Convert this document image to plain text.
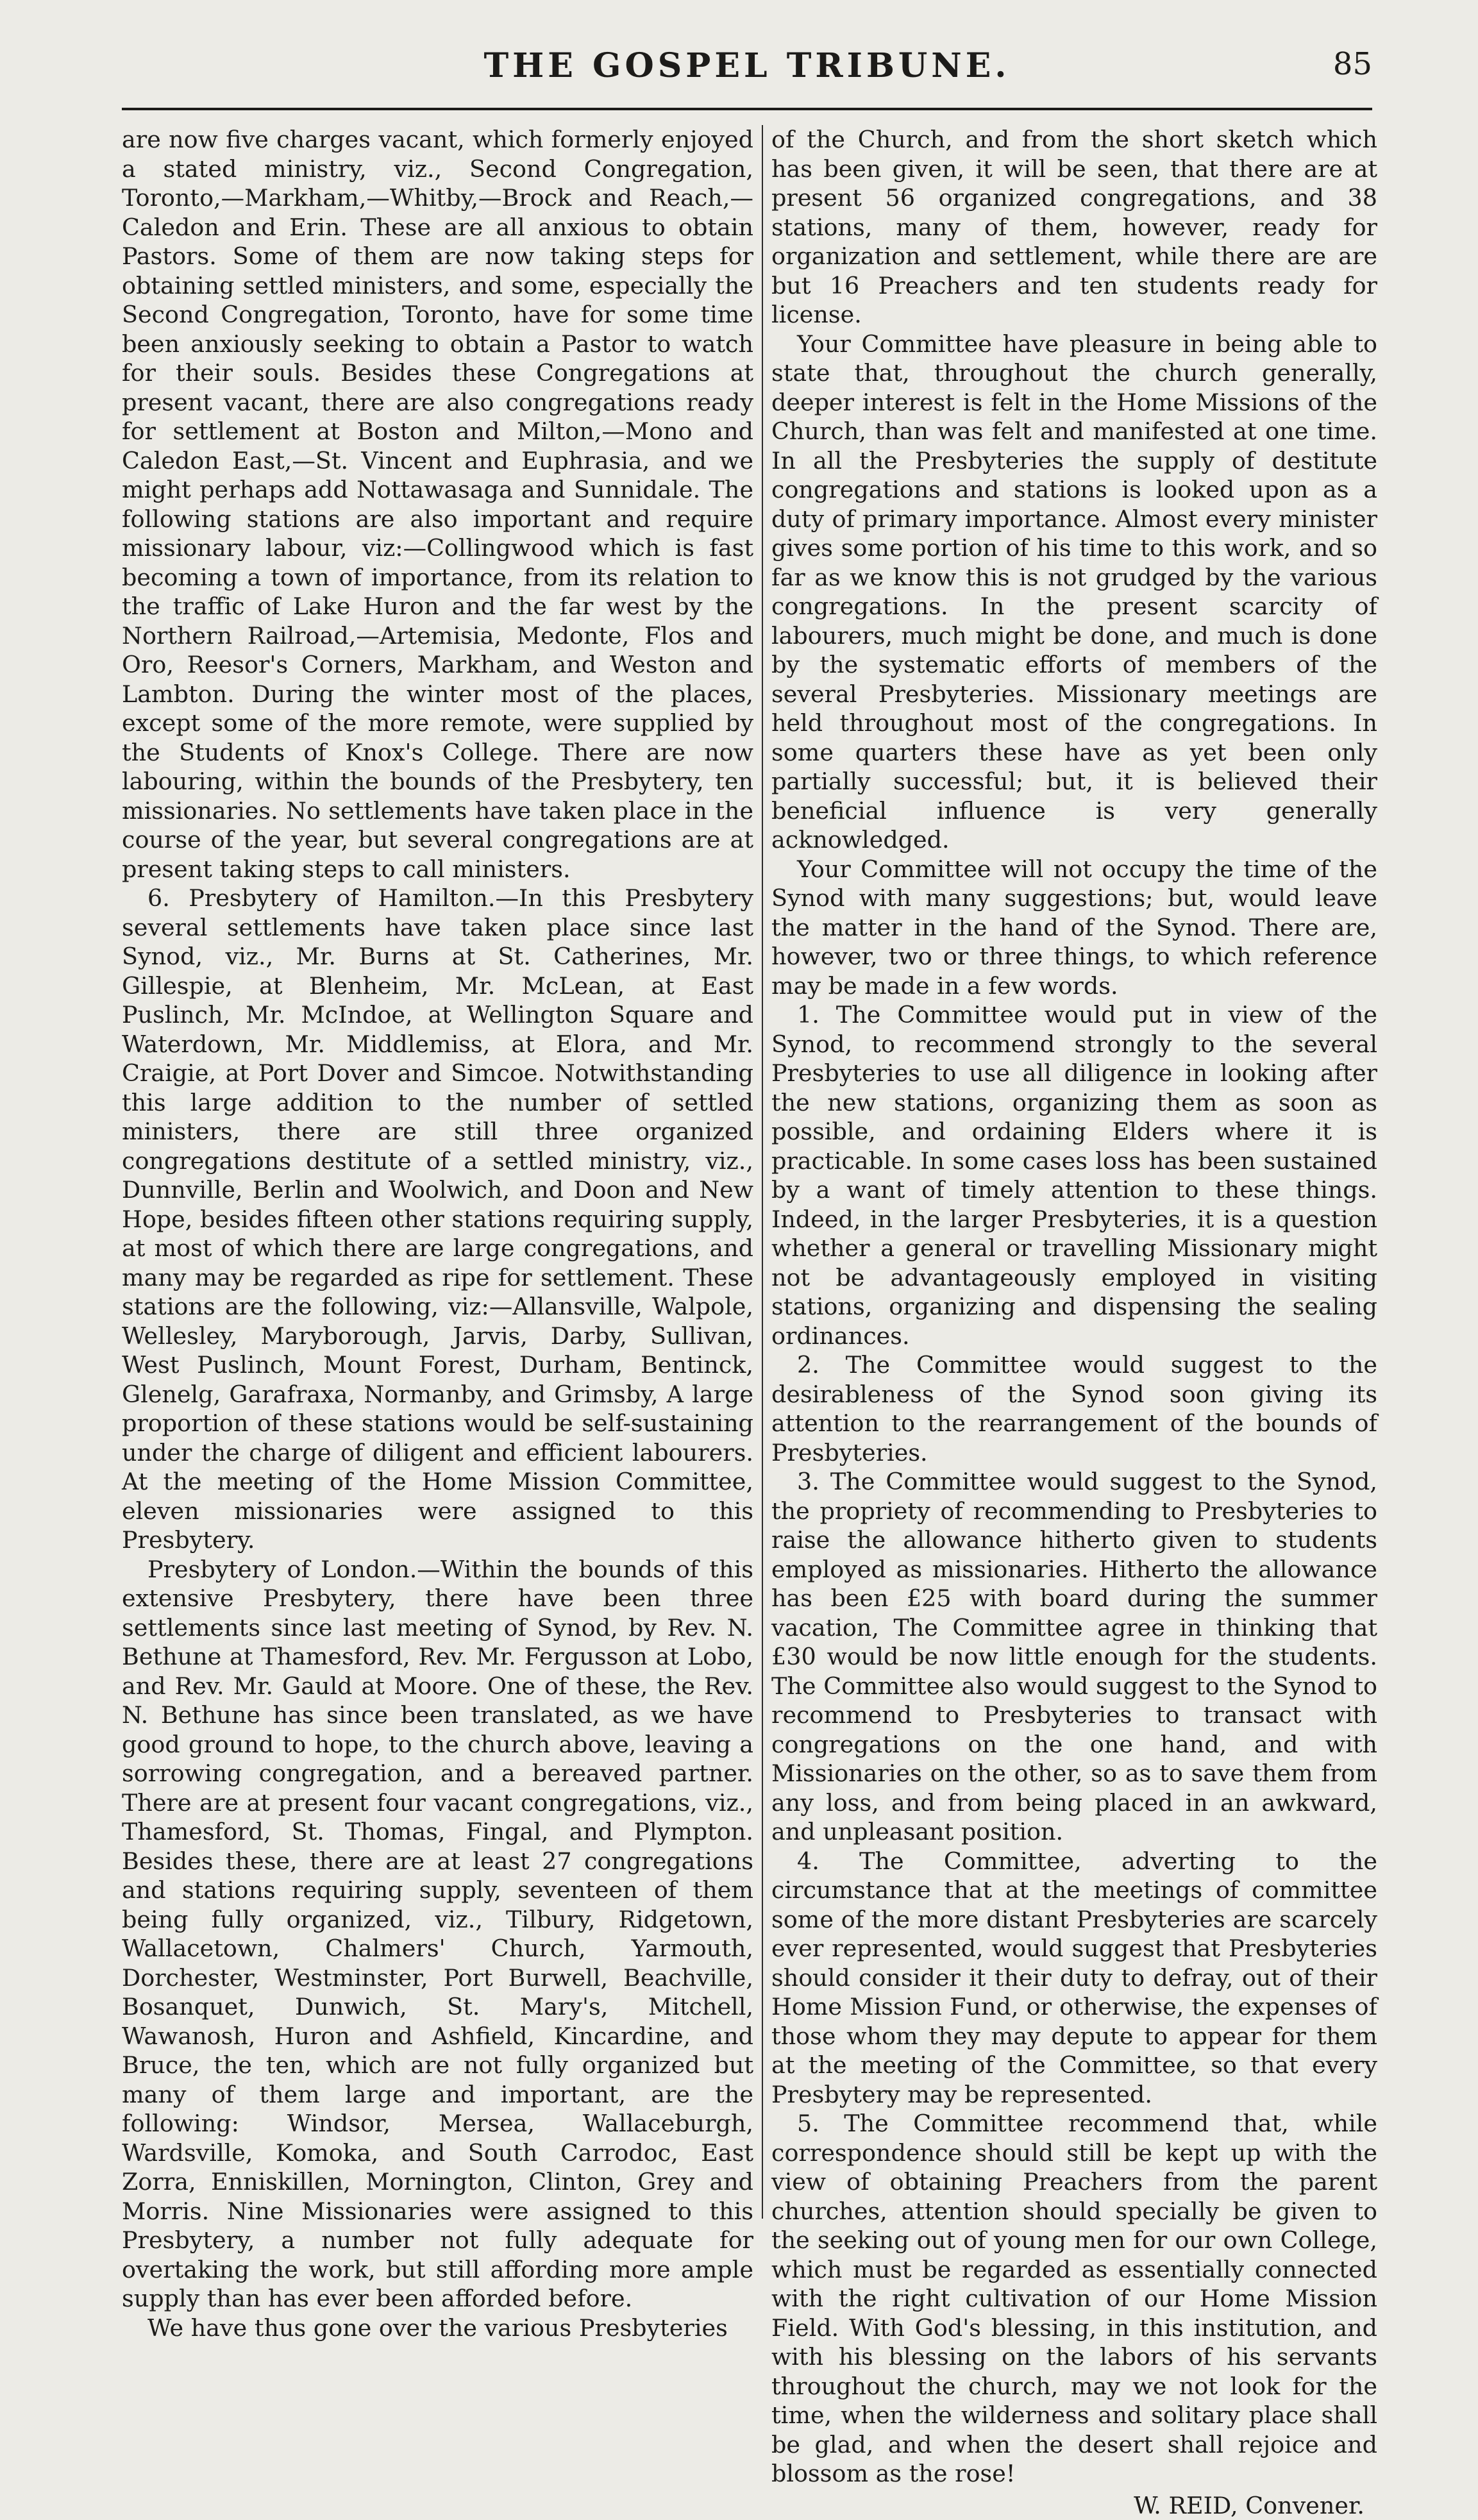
THE GOSPEL TRIBUNE.	85

are now five charges vacant, which formerly enjoyed a stated ministry, viz., Second Congregation, Toronto,—Markham,—Whitby,—Brock and Reach,—Caledon and Erin. These are all anxious to obtain Pastors. Some of them are now taking steps for obtaining settled ministers, and some, especially the Second Congregation, Toronto, have for some time been anxiously seeking to obtain a Pastor to watch for their souls. Besides these Congregations at present vacant, there are also congregations ready for settlement at Boston and Milton,—Mono and Caledon East,—St. Vincent and Euphrasia, and we might perhaps add Nottawasaga and Sunnidale. The following stations are also important and require missionary labour, viz:—Collingwood which is fast becoming a town of importance, from its relation to the traffic of Lake Huron and the far west by the Northern Railroad,—Artemisia, Medonte, Flos and Oro, Reesor's Corners, Markham, and Weston and Lambton. During the winter most of the places, except some of the more remote, were supplied by the Students of Knox's College. There are now labouring, within the bounds of the Presbytery, ten missionaries. No settlements have taken place in the course of the year, but several congregations are at present taking steps to call ministers.

6. Presbytery of Hamilton.—In this Presbytery several settlements have taken place since last Synod, viz., Mr. Burns at St. Catherines, Mr. Gillespie, at Blenheim, Mr. McLean, at East Puslinch, Mr. McIndoe, at Wellington Square and Waterdown, Mr. Middlemiss, at Elora, and Mr. Craigie, at Port Dover and Simcoe. Notwithstanding this large addition to the number of settled ministers, there are still three organized congregations destitute of a settled ministry, viz., Dunnville, Berlin and Woolwich, and Doon and New Hope, besides fifteen other stations requiring supply, at most of which there are large congregations, and many may be regarded as ripe for settlement. These stations are the following, viz:—Allansville, Walpole, Wellesley, Maryborough, Jarvis, Darby, Sullivan, West Puslinch, Mount Forest, Durham, Bentinck, Glenelg, Garafraxa, Normanby, and Grimsby, A large proportion of these stations would be self-sustaining under the charge of diligent and efficient labourers. At the meeting of the Home Mission Committee, eleven missionaries were assigned to this Presbytery.

Presbytery of London.—Within the bounds of this extensive Presbytery, there have been three settlements since last meeting of Synod, by Rev. N. Bethune at Thamesford, Rev. Mr. Fergusson at Lobo, and Rev. Mr. Gauld at Moore. One of these, the Rev. N. Bethune has since been translated, as we have good ground to hope, to the church above, leaving a sorrowing congregation, and a bereaved partner. There are at present four vacant congregations, viz., Thamesford, St. Thomas, Fingal, and Plympton. Besides these, there are at least 27 congregations and stations requiring supply, seventeen of them being fully organized, viz., Tilbury, Ridgetown, Wallacetown, Chalmers' Church, Yarmouth, Dorchester, Westminster, Port Burwell, Beachville, Bosanquet, Dunwich, St. Mary's, Mitchell, Wawanosh, Huron and Ashfield, Kincardine, and Bruce, the ten, which are not fully organized but many of them large and important, are the following: Windsor, Mersea, Wallaceburgh, Wardsville, Komoka, and South Carrodoc, East Zorra, Enniskillen, Mornington, Clinton, Grey and Morris. Nine Missionaries were assigned to this Presbytery, a number not fully adequate for overtaking the work, but still affording more ample supply than has ever been afforded before.

We have thus gone over the various Presbyteries

of the Church, and from the short sketch which has been given, it will be seen, that there are at present 56 organized congregations, and 38 stations, many of them, however, ready for organization and settlement, while there are are but 16 Preachers and ten students ready for license.

Your Committee have pleasure in being able to state that, throughout the church generally, deeper interest is felt in the Home Missions of the Church, than was felt and manifested at one time. In all the Presbyteries the supply of destitute congregations and stations is looked upon as a duty of primary importance. Almost every minister gives some portion of his time to this work, and so far as we know this is not grudged by the various congregations. In the present scarcity of labourers, much might be done, and much is done by the systematic efforts of members of the several Presbyteries. Missionary meetings are held throughout most of the congregations. In some quarters these have as yet been only partially successful; but, it is believed their beneficial influence is very generally acknowledged.

Your Committee will not occupy the time of the Synod with many suggestions; but, would leave the matter in the hand of the Synod. There are, however, two or three things, to which reference may be made in a few words.

1. The Committee would put in view of the Synod, to recommend strongly to the several Presbyteries to use all diligence in looking after the new stations, organizing them as soon as possible, and ordaining Elders where it is practicable. In some cases loss has been sustained by a want of timely attention to these things. Indeed, in the larger Presbyteries, it is a question whether a general or travelling Missionary might not be advantageously employed in visiting stations, organizing and dispensing the sealing ordinances.

2. The Committee would suggest to the desirableness of the Synod soon giving its attention to the rearrangement of the bounds of Presbyteries.

3. The Committee would suggest to the Synod, the propriety of recommending to Presbyteries to raise the allowance hitherto given to students employed as missionaries. Hitherto the allowance has been £25 with board during the summer vacation, The Committee agree in thinking that £30 would be now little enough for the students. The Committee also would suggest to the Synod to recommend to Presbyteries to transact with congregations on the one hand, and with Missionaries on the other, so as to save them from any loss, and from being placed in an awkward, and unpleasant position.

4. The Committee, adverting to the circumstance that at the meetings of committee some of the more distant Presbyteries are scarcely ever represented, would suggest that Presbyteries should consider it their duty to defray, out of their Home Mission Fund, or otherwise, the expenses of those whom they may depute to appear for them at the meeting of the Committee, so that every Presbytery may be represented.

5. The Committee recommend that, while correspondence should still be kept up with the view of obtaining Preachers from the parent churches, attention should specially be given to the seeking out of young men for our own College, which must be regarded as essentially connected with the right cultivation of our Home Mission Field. With God's blessing, in this institution, and with his blessing on the labors of his servants throughout the church, may we not look for the time, when the wilderness and solitary place shall be glad, and when the desert shall rejoice and blossom as the rose!

W. REID, Convener.
